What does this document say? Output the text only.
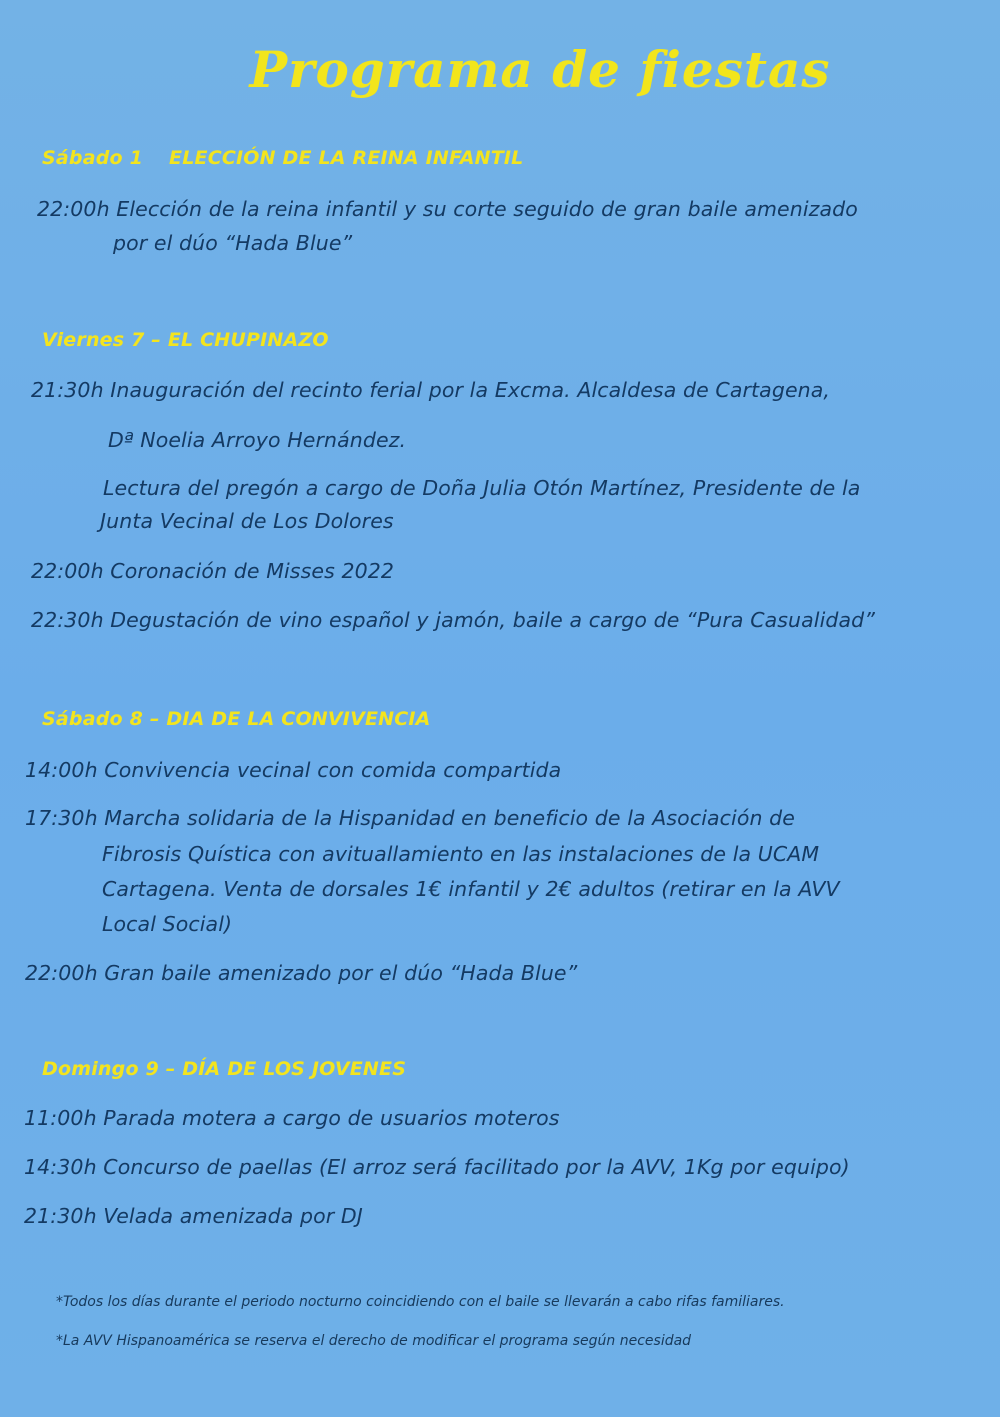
Programa de fiestas
Sábado 1 ELECCIÓN DE LA REINA INFANTIL
22:00h Elección de la reina infantil y su corte seguido de gran baile amenizado
por el dúo “Hada Blue”
Viernes 7 – EL CHUPINAZO
21:30h Inauguración del recinto ferial por la Excma. Alcaldesa de Cartagena,
Dª Noelia Arroyo Hernández.
Lectura del pregón a cargo de Doña Julia Otón Martínez, Presidente de la
Junta Vecinal de Los Dolores
22:00h Coronación de Misses 2022
22:30h Degustación de vino español y jamón, baile a cargo de “Pura Casualidad”
Sábado 8 – DIA DE LA CONVIVENCIA
14:00h Convivencia vecinal con comida compartida
17:30h Marcha solidaria de la Hispanidad en beneficio de la Asociación de
Fibrosis Quística con avituallamiento en las instalaciones de la UCAM
Cartagena. Venta de dorsales 1€ infantil y 2€ adultos (retirar en la AVV
Local Social)
22:00h Gran baile amenizado por el dúo “Hada Blue”
Domingo 9 – DÍA DE LOS JOVENES
11:00h Parada motera a cargo de usuarios moteros
14:30h Concurso de paellas (El arroz será facilitado por la AVV, 1Kg por equipo)
21:30h Velada amenizada por DJ
*Todos los días durante el periodo nocturno coincidiendo con el baile se llevarán a cabo rifas familiares.
*La AVV Hispanoamérica se reserva el derecho de modificar el programa según necesidad
